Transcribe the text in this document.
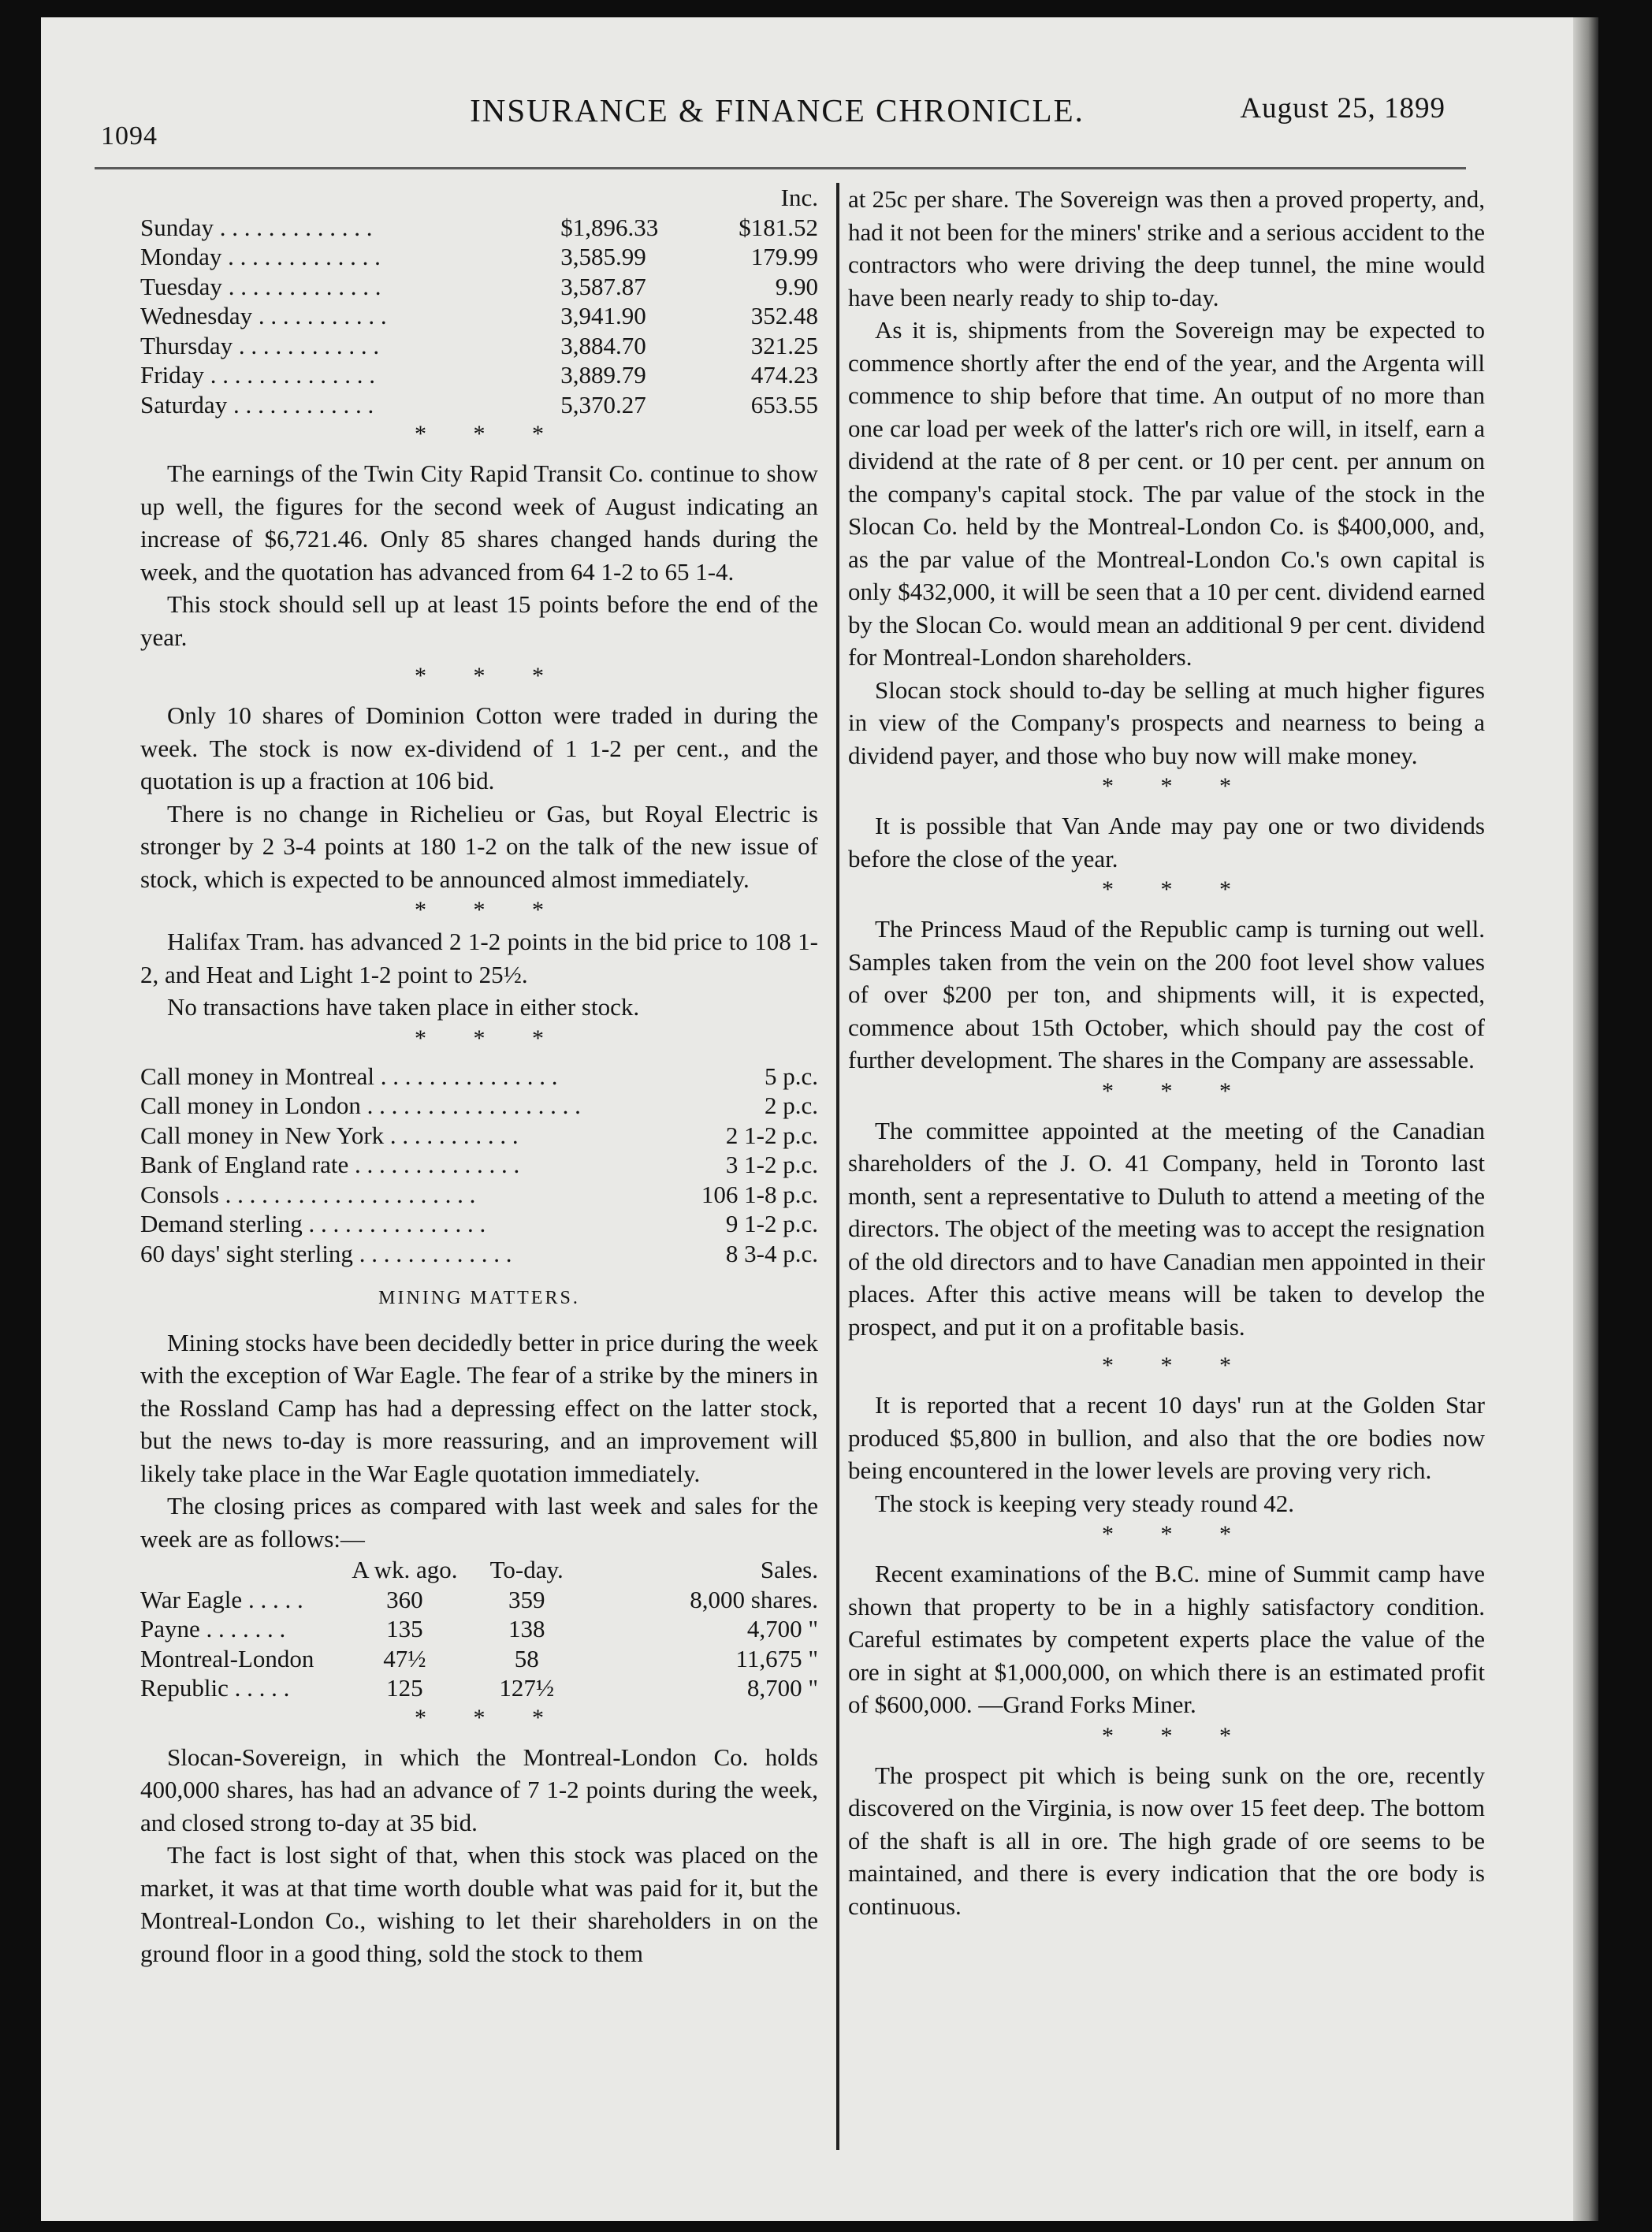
1094
INSURANCE & FINANCE CHRONICLE.	August 25, 1899
		Inc.
Sunday . . . . . . . . . . . . .	$1,896.33	$181.52
Monday . . . . . . . . . . . . .	3,585.99	179.99
Tuesday . . . . . . . . . . . . .	3,587.87	9.90
Wednesday . . . . . . . . . . .	3,941.90	352.48
Thursday . . . . . . . . . . . .	3,884.70	321.25
Friday . . . . . . . . . . . . . .	3,889.79	474.23
Saturday . . . . . . . . . . . .	5,370.27	653.55
* * *

The earnings of the Twin City Rapid Transit Co. continue to show up well, the figures for the second week of August indicating an increase of $6,721.46. Only 85 shares changed hands during the week, and the quotation has advanced from 64 1-2 to 65 1-4.

This stock should sell up at least 15 points before the end of the year.

* * *

Only 10 shares of Dominion Cotton were traded in during the week. The stock is now ex-dividend of 1 1-2 per cent., and the quotation is up a fraction at 106 bid.

There is no change in Richelieu or Gas, but Royal Electric is stronger by 2 3-4 points at 180 1-2 on the talk of the new issue of stock, which is expected to be announced almost immediately.

* * *

Halifax Tram. has advanced 2 1-2 points in the bid price to 108 1-2, and Heat and Light 1-2 point to 25½.

No transactions have taken place in either stock.

* * *
Call money in Montreal . . . . . . . . . . . . . . .	5 p.c.
Call money in London . . . . . . . . . . . . . . . . . .	2 p.c.
Call money in New York . . . . . . . . . . .	2 1-2 p.c.
Bank of England rate . . . . . . . . . . . . . .	3 1-2 p.c.
Consols . . . . . . . . . . . . . . . . . . . . .	106 1-8 p.c.
Demand sterling . . . . . . . . . . . . . . .	9 1-2 p.c.
60 days' sight sterling . . . . . . . . . . . . .	8 3-4 p.c.
MINING MATTERS.

Mining stocks have been decidedly better in price during the week with the exception of War Eagle. The fear of a strike by the miners in the Rossland Camp has had a depressing effect on the latter stock, but the news to-day is more reassuring, and an improvement will likely take place in the War Eagle quotation immediately.

The closing prices as compared with last week and sales for the week are as follows:—

	A wk. ago.	To-day.	Sales.
War Eagle . . . . .	360	359	8,000 shares.
Payne . . . . . . .	135	138	4,700 "
Montreal-London	47½	58	11,675 "
Republic . . . . .	125	127½	8,700 "
* * *

Slocan-Sovereign, in which the Montreal-London Co. holds 400,000 shares, has had an advance of 7 1-2 points during the week, and closed strong to-day at 35 bid.

The fact is lost sight of that, when this stock was placed on the market, it was at that time worth double what was paid for it, but the Montreal-London Co., wishing to let their shareholders in on the ground floor in a good thing, sold the stock to them

at 25c per share. The Sovereign was then a proved property, and, had it not been for the miners' strike and a serious accident to the contractors who were driving the deep tunnel, the mine would have been nearly ready to ship to-day.

As it is, shipments from the Sovereign may be expected to commence shortly after the end of the year, and the Argenta will commence to ship before that time. An output of no more than one car load per week of the latter's rich ore will, in itself, earn a dividend at the rate of 8 per cent. or 10 per cent. per annum on the company's capital stock. The par value of the stock in the Slocan Co. held by the Montreal-London Co. is $400,000, and, as the par value of the Montreal-London Co.'s own capital is only $432,000, it will be seen that a 10 per cent. dividend earned by the Slocan Co. would mean an additional 9 per cent. dividend for Montreal-London shareholders.

Slocan stock should to-day be selling at much higher figures in view of the Company's prospects and nearness to being a dividend payer, and those who buy now will make money.

* * *

It is possible that Van Ande may pay one or two dividends before the close of the year.

* * *

The Princess Maud of the Republic camp is turning out well. Samples taken from the vein on the 200 foot level show values of over $200 per ton, and shipments will, it is expected, commence about 15th October, which should pay the cost of further development. The shares in the Company are assessable.

* * *

The committee appointed at the meeting of the Canadian shareholders of the J. O. 41 Company, held in Toronto last month, sent a representative to Duluth to attend a meeting of the directors. The object of the meeting was to accept the resignation of the old directors and to have Canadian men appointed in their places. After this active means will be taken to develop the prospect, and put it on a profitable basis.

* * *

It is reported that a recent 10 days' run at the Golden Star produced $5,800 in bullion, and also that the ore bodies now being encountered in the lower levels are proving very rich.

The stock is keeping very steady round 42.

* * *

Recent examinations of the B.C. mine of Summit camp have shown that property to be in a highly satisfactory condition. Careful estimates by competent experts place the value of the ore in sight at $1,000,000, on which there is an estimated profit of $600,000. —Grand Forks Miner.

* * *

The prospect pit which is being sunk on the ore, recently discovered on the Virginia, is now over 15 feet deep. The bottom of the shaft is all in ore. The high grade of ore seems to be maintained, and there is every indication that the ore body is continuous.
